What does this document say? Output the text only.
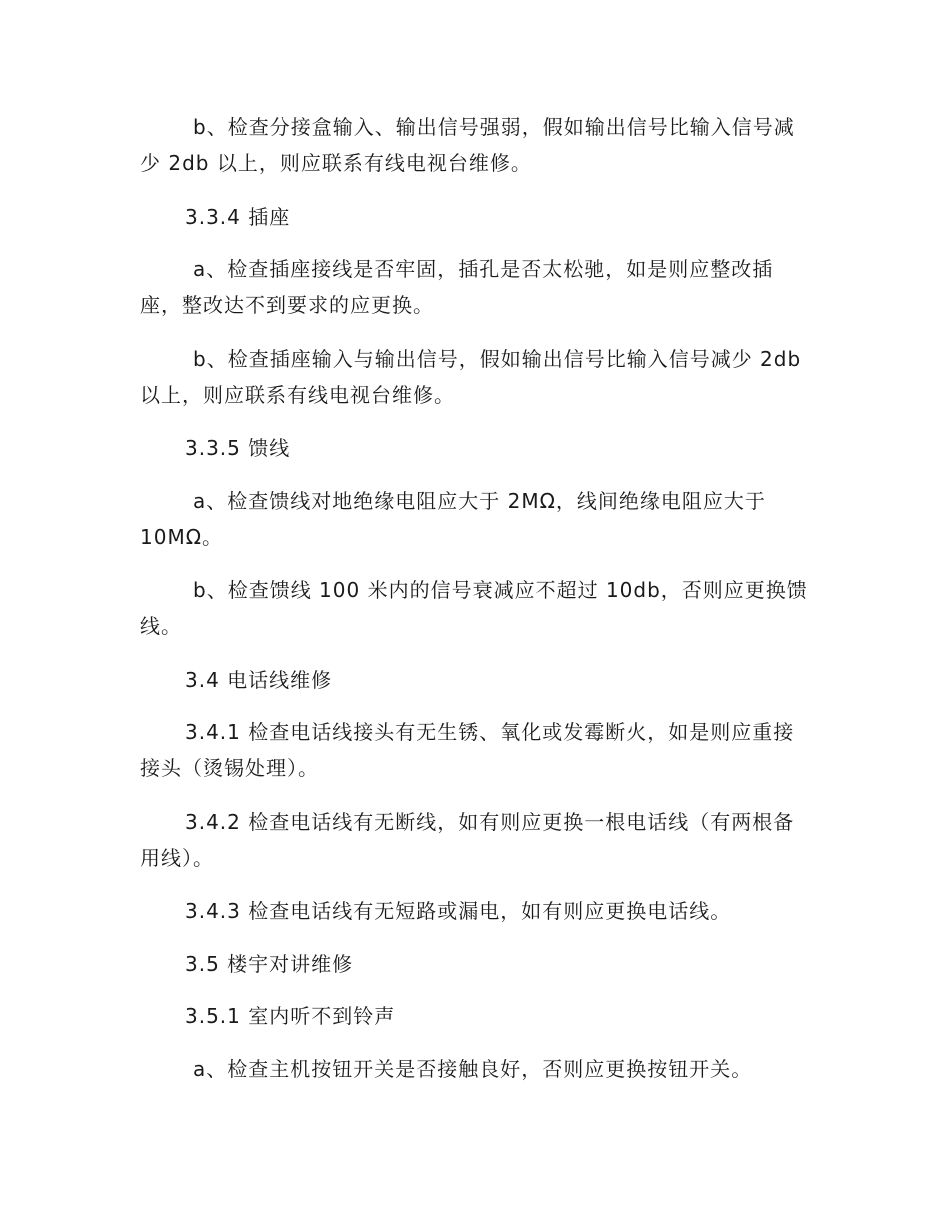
b、检查分接盒输入、输出信号强弱，假如输出信号比输入信号减少 2db 以上，则应联系有线电视台维修。

3.3.4 插座

a、检查插座接线是否牢固，插孔是否太松驰，如是则应整改插座，整改达不到要求的应更换。

b、检查插座输入与输出信号，假如输出信号比输入信号减少 2db 以上，则应联系有线电视台维修。

3.3.5 馈线

a、检查馈线对地绝缘电阻应大于 2MΩ，线间绝缘电阻应大于 10MΩ。

b、检查馈线 100 米内的信号衰减应不超过 10db，否则应更换馈线。

3.4 电话线维修

3.4.1 检查电话线接头有无生锈、氧化或发霉断火，如是则应重接接头（烫锡处理）。

3.4.2 检查电话线有无断线，如有则应更换一根电话线（有两根备用线）。

3.4.3 检查电话线有无短路或漏电，如有则应更换电话线。

3.5 楼宇对讲维修

3.5.1 室内听不到铃声

a、检查主机按钮开关是否接触良好，否则应更换按钮开关。
